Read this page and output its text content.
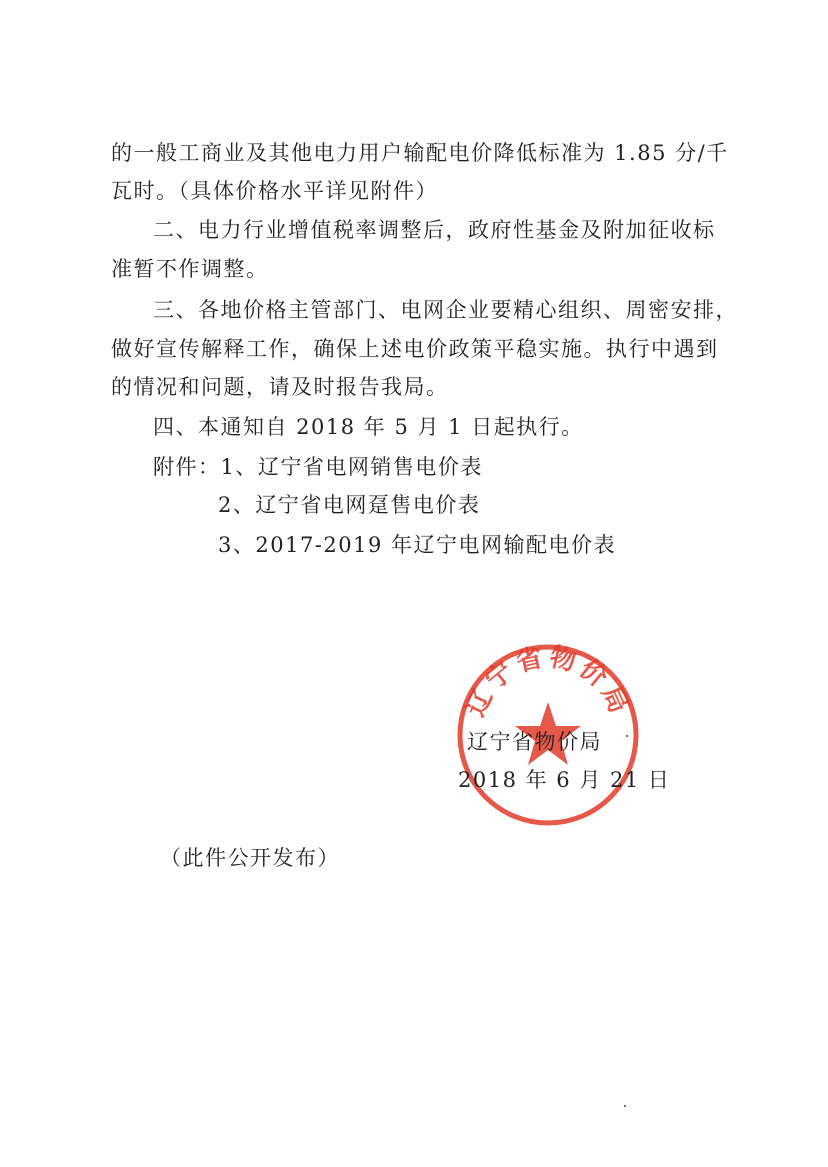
的一般工商业及其他电力用户输配电价降低标准为 1.85 分/千
瓦时。（具体价格水平详见附件）
二、电力行业增值税率调整后，政府性基金及附加征收标
准暂不作调整。
三、各地价格主管部门、电网企业要精心组织、周密安排，
做好宣传解释工作，确保上述电价政策平稳实施。执行中遇到
的情况和问题，请及时报告我局。
四、本通知自 2018 年 5 月 1 日起执行。
附件：1、辽宁省电网销售电价表
2、辽宁省电网趸售电价表
3、2017-2019 年辽宁电网输配电价表
辽宁省物价局
辽宁省物价局
2018 年 6 月 21 日
（此件公开发布）
